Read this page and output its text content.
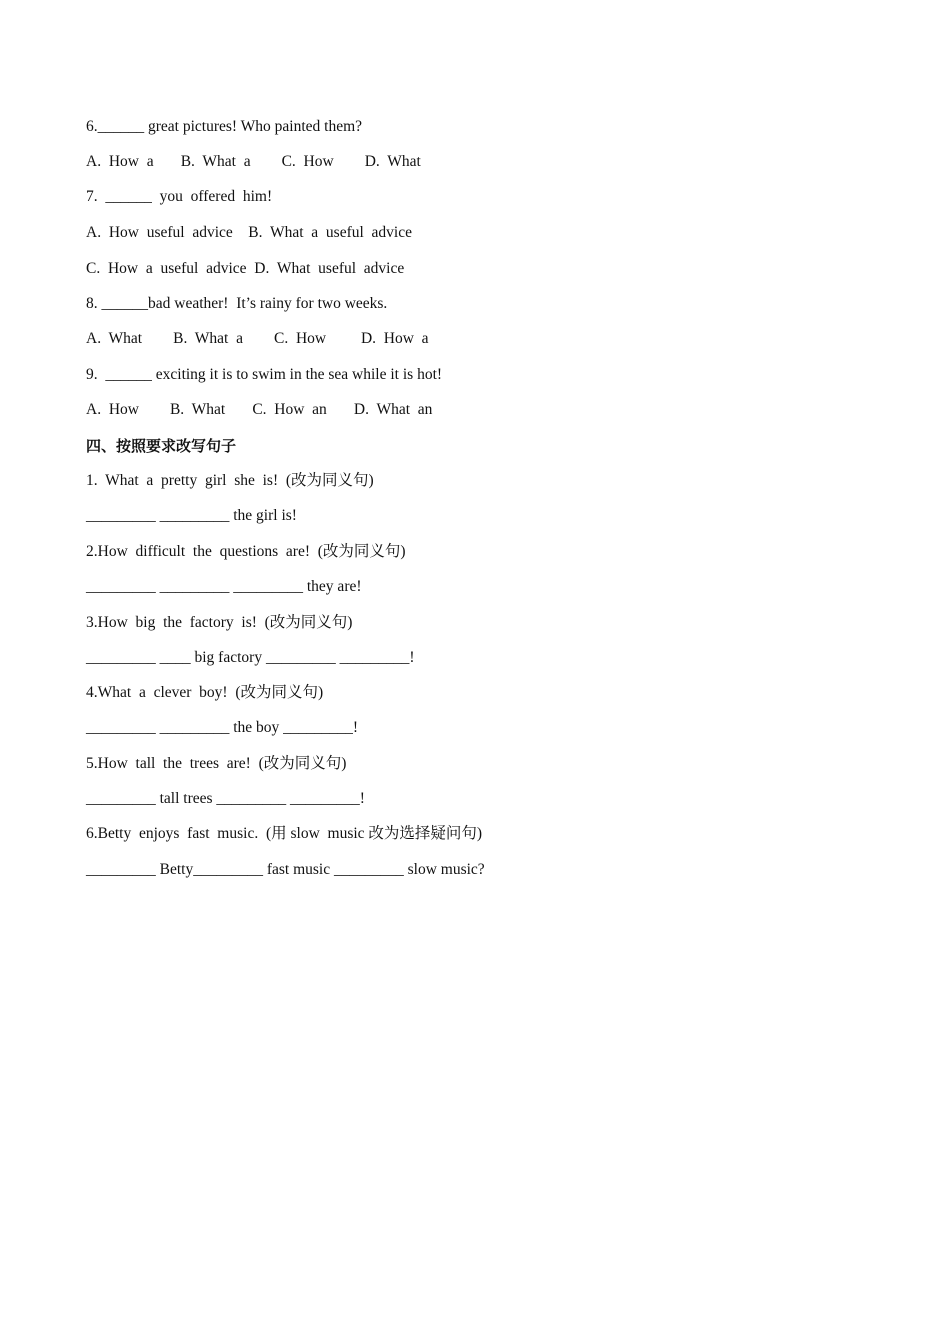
6.______ great pictures! Who painted them?

A.  How  a       B.  What  a        C.  How        D.  What

7.  ______  you  offered  him!

A.  How  useful  advice    B.  What  a  useful  advice

C.  How  a  useful  advice  D.  What  useful  advice

8. ______bad weather!  It’s rainy for two weeks.

A.  What        B.  What  a        C.  How         D.  How  a

9.  ______ exciting it is to swim in the sea while it is hot!

A.  How        B.  What       C.  How  an       D.  What  an

四、按照要求改写句子

1.  What  a  pretty  girl  she  is!  (改为同义句)

_________ _________ the girl is!

2.How  difficult  the  questions  are!  (改为同义句)

_________ _________ _________ they are!

3.How  big  the  factory  is!  (改为同义句)

_________ ____ big factory _________ _________!

4.What  a  clever  boy!  (改为同义句)

_________ _________ the boy _________!

5.How  tall  the  trees  are!  (改为同义句)

_________ tall trees _________ _________!

6.Betty  enjoys  fast  music.  (用 slow  music 改为选择疑问句)

_________ Betty_________ fast music _________ slow music?
